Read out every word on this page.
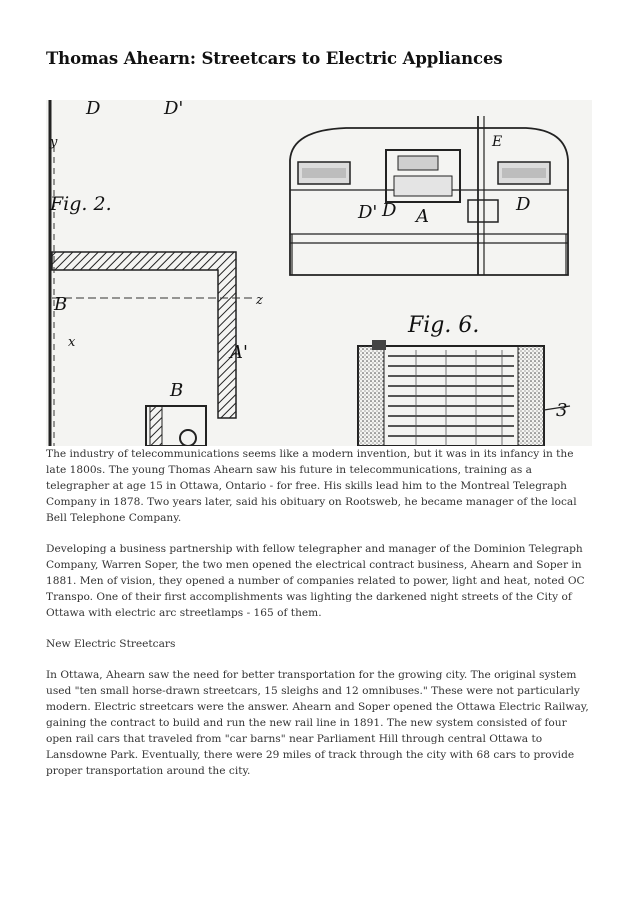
Thomas Ahearn: Streetcars to Electric Appliances
D	D'
Fig. 2.
B
A'
B
z
x
D' D A
D
E
Fig. 6.
3
y

The industry of telecommunications seems like a modern invention, but it was in its infancy in the late 1800s. The young Thomas Ahearn saw his future in telecommunications, training as a telegrapher at age 15 in Ottawa, Ontario - for free. His skills lead him to the Montreal Telegraph Company in 1878. Two years later, said his obituary on Rootsweb, he became manager of the local Bell Telephone Company.

Developing a business partnership with fellow telegrapher and manager of the Dominion Telegraph Company, Warren Soper, the two men opened the electrical contract business, Ahearn and Soper in 1881. Men of vision, they opened a number of companies related to power, light and heat, noted OC Transpo. One of their first accomplishments was lighting the darkened night streets of the City of Ottawa with electric arc streetlamps - 165 of them.

New Electric Streetcars

In Ottawa, Ahearn saw the need for better transportation for the growing city. The original system used "ten small horse-drawn streetcars, 15 sleighs and 12 omnibuses." These were not particularly modern. Electric streetcars were the answer. Ahearn and Soper opened the Ottawa Electric Railway, gaining the contract to build and run the new rail line in 1891. The new system consisted of four open rail cars that traveled from "car barns" near Parliament Hill through central Ottawa to Lansdowne Park. Eventually, there were 29 miles of track through the city with 68 cars to provide proper transportation around the city.
